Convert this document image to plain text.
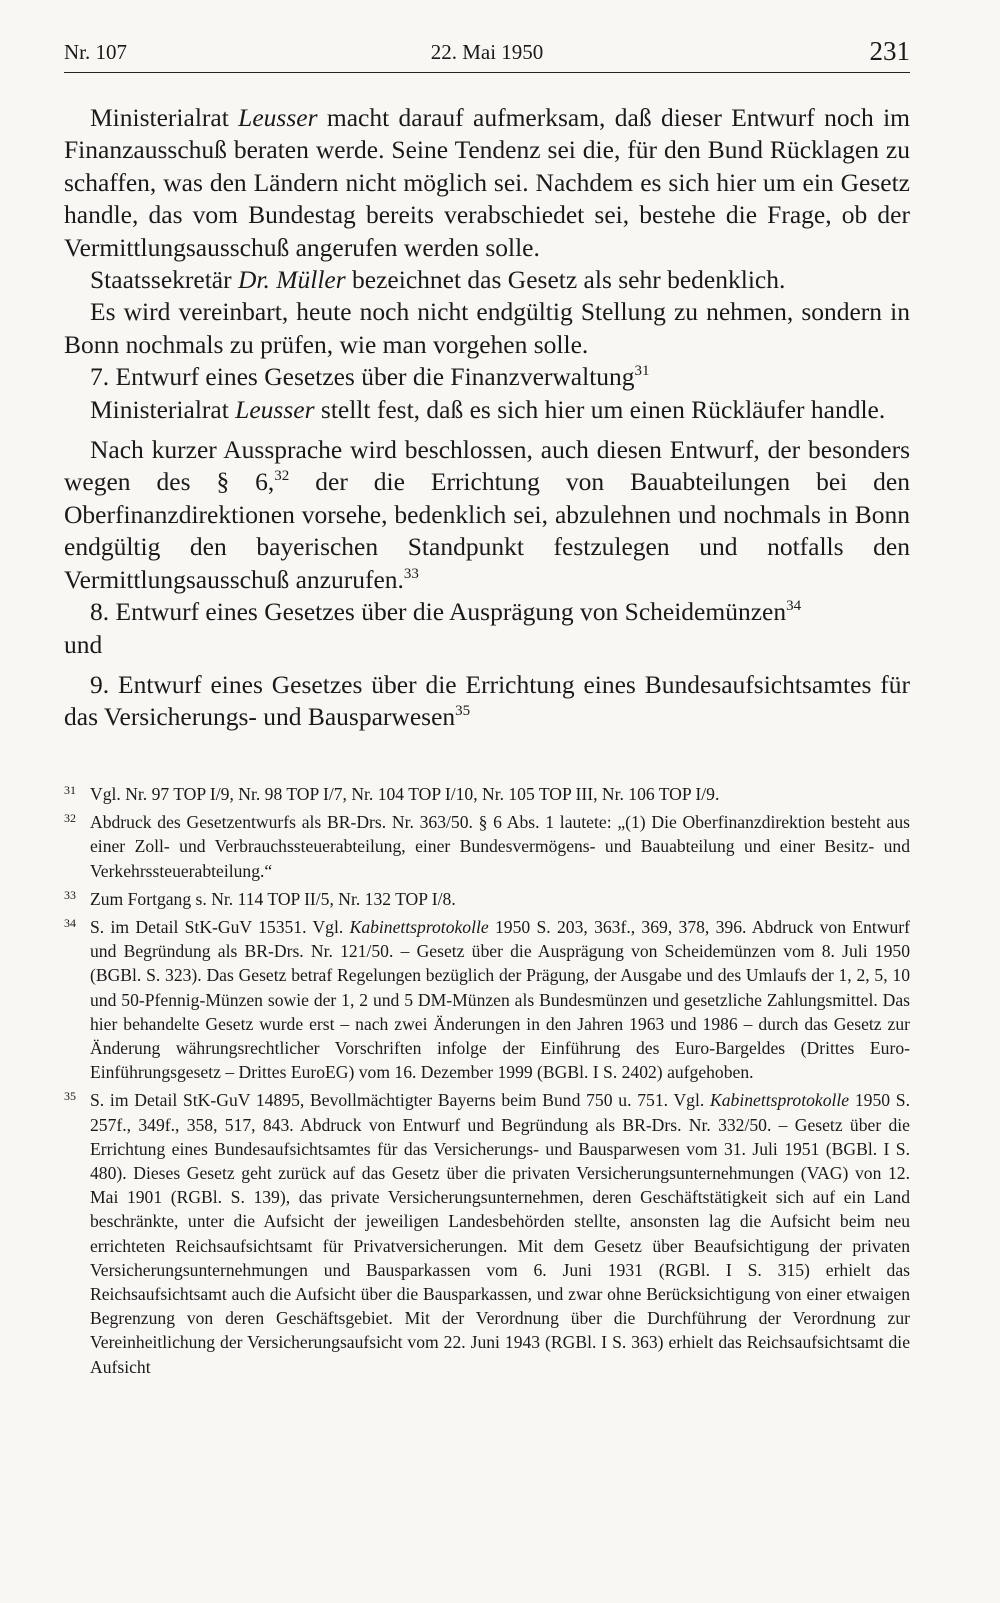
Nr. 107	22. Mai 1950	231

Ministerialrat Leusser macht darauf aufmerksam, daß dieser Entwurf noch im Finanzausschuß beraten werde. Seine Tendenz sei die, für den Bund Rücklagen zu schaffen, was den Ländern nicht möglich sei. Nachdem es sich hier um ein Gesetz handle, das vom Bundestag bereits verabschiedet sei, bestehe die Frage, ob der Vermittlungsausschuß angerufen werden solle.

Staatssekretär Dr. Müller bezeichnet das Gesetz als sehr bedenklich.

Es wird vereinbart, heute noch nicht endgültig Stellung zu nehmen, sondern in Bonn nochmals zu prüfen, wie man vorgehen solle.

7. Entwurf eines Gesetzes über die Finanzverwaltung$^{31}$

Ministerialrat Leusser stellt fest, daß es sich hier um einen Rückläufer handle.

Nach kurzer Aussprache wird beschlossen, auch diesen Entwurf, der besonders wegen des § 6,32 der die Errichtung von Bauabteilungen bei den Oberfinanzdirektionen vorsehe, bedenklich sei, abzulehnen und nochmals in Bonn endgültig den bayerischen Standpunkt festzulegen und notfalls den Vermittlungsausschuß anzurufen.$^{33}$

8. Entwurf eines Gesetzes über die Ausprägung von Scheidemünzen$^{34}$
und

9. Entwurf eines Gesetzes über die Errichtung eines Bundesaufsichtsamtes für das Versicherungs- und Bausparwesen$^{35}$

31 Vgl. Nr. 97 TOP I/9, Nr. 98 TOP I/7, Nr. 104 TOP I/10, Nr. 105 TOP III, Nr. 106 TOP I/9.
32 Abdruck des Gesetzentwurfs als BR-Drs. Nr. 363/50. § 6 Abs. 1 lautete: „(1) Die Oberfinanzdirektion besteht aus einer Zoll- und Verbrauchssteuerabteilung, einer Bundesvermögens- und Bauabteilung und einer Besitz- und Verkehrssteuerabteilung.“
33 Zum Fortgang s. Nr. 114 TOP II/5, Nr. 132 TOP I/8.
34 S. im Detail StK-GuV 15351. Vgl. Kabinettsprotokolle 1950 S. 203, 363f., 369, 378, 396. Abdruck von Entwurf und Begründung als BR-Drs. Nr. 121/50. – Gesetz über die Ausprägung von Scheidemünzen vom 8. Juli 1950 (BGBl. S. 323). Das Gesetz betraf Regelungen bezüglich der Prägung, der Ausgabe und des Umlaufs der 1, 2, 5, 10 und 50-Pfennig-Münzen sowie der 1, 2 und 5 DM-Münzen als Bundesmünzen und gesetzliche Zahlungsmittel. Das hier behandelte Gesetz wurde erst – nach zwei Änderungen in den Jahren 1963 und 1986 – durch das Gesetz zur Änderung währungsrechtlicher Vorschriften infolge der Einführung des Euro-Bargeldes (Drittes Euro-Einführungsgesetz – Drittes EuroEG) vom 16. Dezember 1999 (BGBl. I S. 2402) aufgehoben.
35 S. im Detail StK-GuV 14895, Bevollmächtigter Bayerns beim Bund 750 u. 751. Vgl. Kabinettsprotokolle 1950 S. 257f., 349f., 358, 517, 843. Abdruck von Entwurf und Begründung als BR-Drs. Nr. 332/50. – Gesetz über die Errichtung eines Bundesaufsichtsamtes für das Versicherungs- und Bausparwesen vom 31. Juli 1951 (BGBl. I S. 480). Dieses Gesetz geht zurück auf das Gesetz über die privaten Versicherungsunternehmungen (VAG) von 12. Mai 1901 (RGBl. S. 139), das private Versicherungsunternehmen, deren Geschäftstätigkeit sich auf ein Land beschränkte, unter die Aufsicht der jeweiligen Landesbehörden stellte, ansonsten lag die Aufsicht beim neu errichteten Reichsaufsichtsamt für Privatversicherungen. Mit dem Gesetz über Beaufsichtigung der privaten Versicherungsunternehmungen und Bausparkassen vom 6. Juni 1931 (RGBl. I S. 315) erhielt das Reichsaufsichtsamt auch die Aufsicht über die Bausparkassen, und zwar ohne Berücksichtigung von einer etwaigen Begrenzung von deren Geschäftsgebiet. Mit der Verordnung über die Durchführung der Verordnung zur Vereinheitlichung der Versicherungsaufsicht vom 22. Juni 1943 (RGBl. I S. 363) erhielt das Reichsaufsichtsamt die Aufsicht
